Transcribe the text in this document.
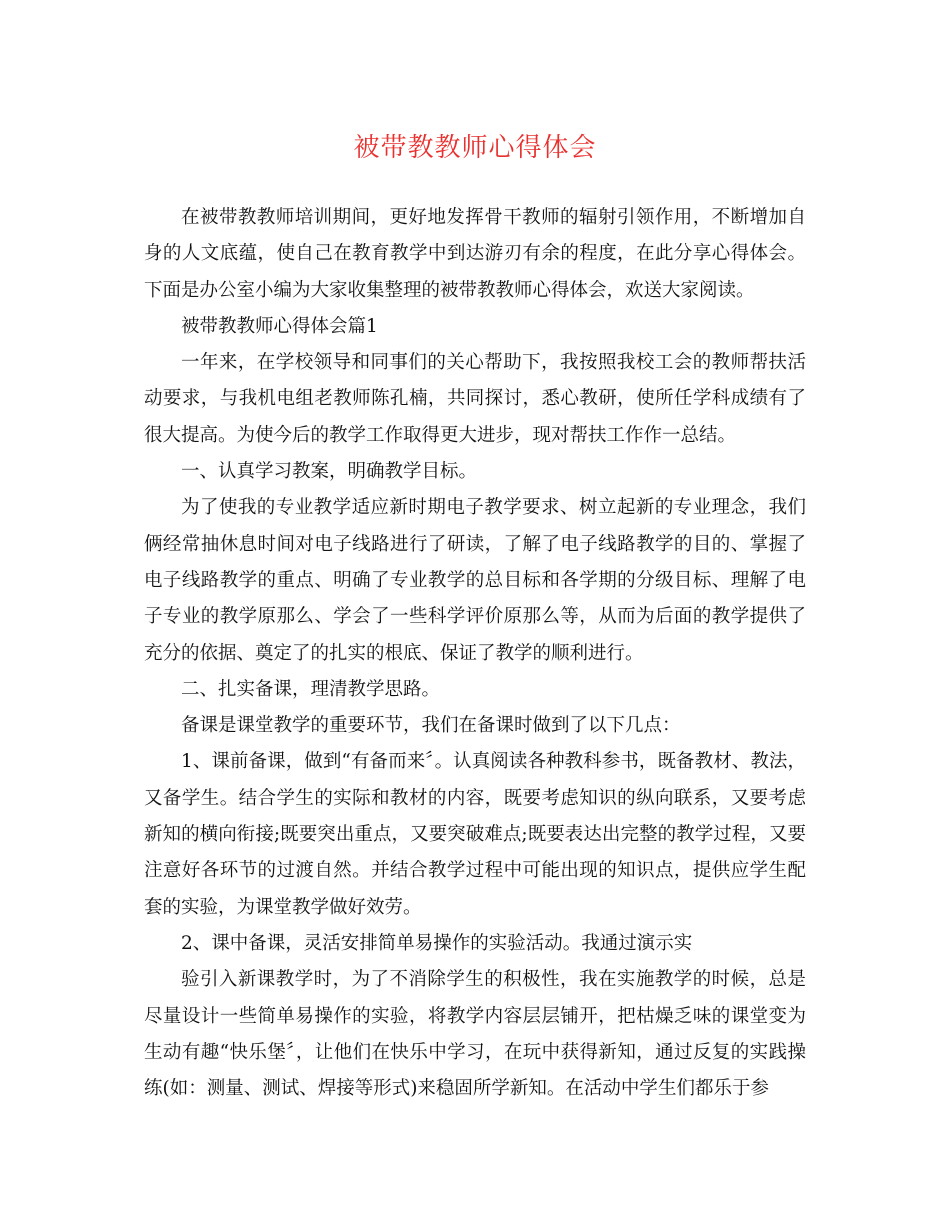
被带教教师心得体会

在被带教教师培训期间，更好地发挥骨干教师的辐射引领作用，不断增加自身的人文底蕴，使自己在教育教学中到达游刃有余的程度，在此分享心得体会。下面是办公室小编为大家收集整理的被带教教师心得体会，欢送大家阅读。

被带教教师心得体会篇1

一年来，在学校领导和同事们的关心帮助下，我按照我校工会的教师帮扶活动要求，与我机电组老教师陈孔楠，共同探讨，悉心教研，使所任学科成绩有了很大提高。为使今后的教学工作取得更大进步，现对帮扶工作作一总结。

一、认真学习教案，明确教学目标。

为了使我的专业教学适应新时期电子教学要求、树立起新的专业理念，我们俩经常抽休息时间对电子线路进行了研读，了解了电子线路教学的目的、掌握了电子线路教学的重点、明确了专业教学的总目标和各学期的分级目标、理解了电子专业的教学原那么、学会了一些科学评价原那么等，从而为后面的教学提供了充分的依据、奠定了的扎实的根底、保证了教学的顺利进行。

二、扎实备课，理清教学思路。

备课是课堂教学的重要环节，我们在备课时做到了以下几点：

1、课前备课，做到“有备而来〞。认真阅读各种教科参书，既备教材、教法，又备学生。结合学生的实际和教材的内容，既要考虑知识的纵向联系，又要考虑新知的横向衔接;既要突出重点，又要突破难点;既要表达出完整的教学过程，又要注意好各环节的过渡自然。并结合教学过程中可能出现的知识点，提供应学生配套的实验，为课堂教学做好效劳。

2、课中备课，灵活安排简单易操作的实验活动。我通过演示实

验引入新课教学时，为了不消除学生的积极性，我在实施教学的时候，总是尽量设计一些简单易操作的实验，将教学内容层层铺开，把枯燥乏味的课堂变为生动有趣“快乐堡〞，让他们在快乐中学习，在玩中获得新知，通过反复的实践操练(如：测量、测试、焊接等形式)来稳固所学新知。在活动中学生们都乐于参
